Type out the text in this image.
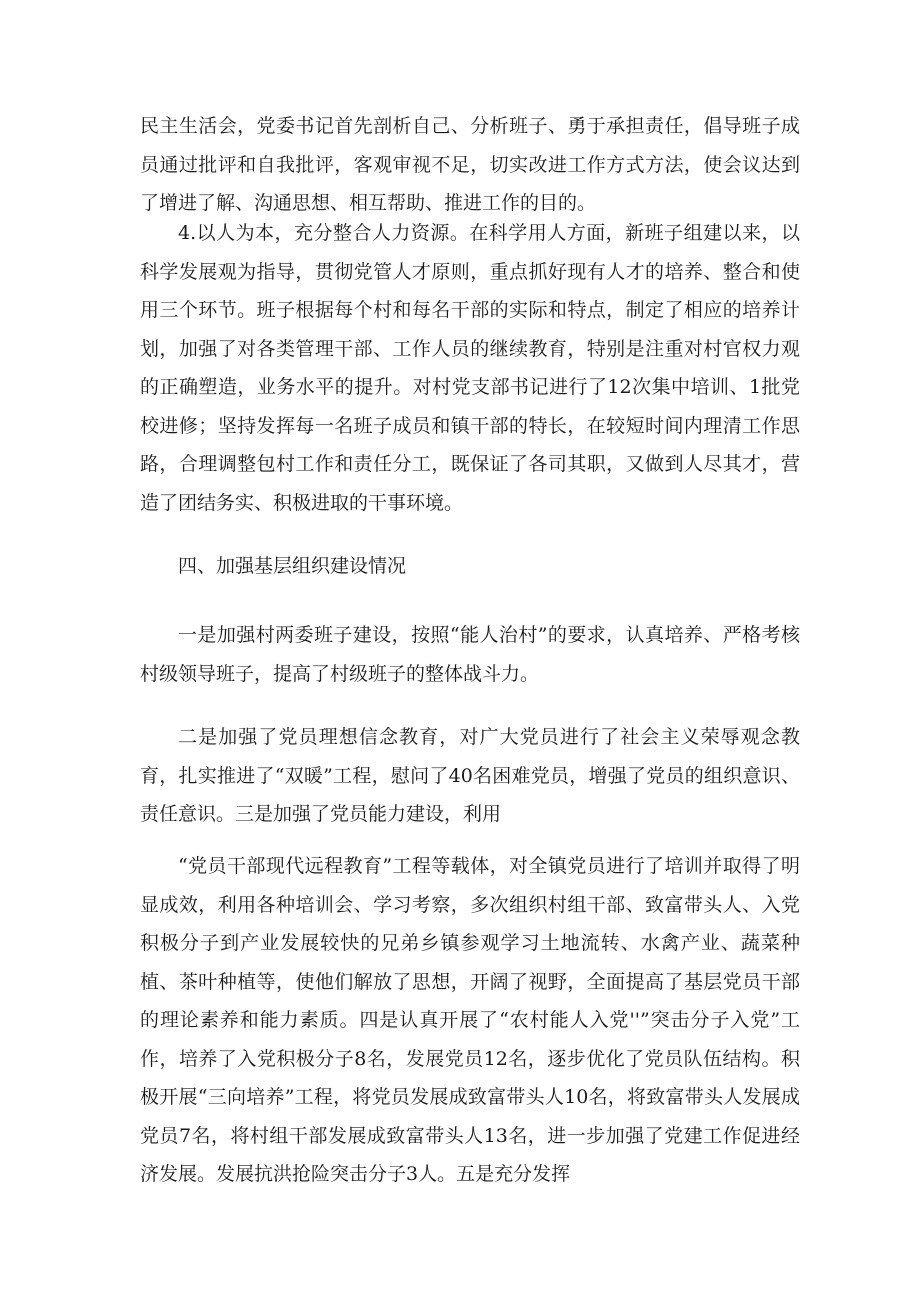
民主生活会，党委书记首先剖析自己、分析班子、勇于承担责任，倡导班子成员通过批评和自我批评，客观审视不足，切实改进工作方式方法，使会议达到了增进了解、沟通思想、相互帮助、推进工作的目的。

4.以人为本，充分整合人力资源。在科学用人方面，新班子组建以来，以科学发展观为指导，贯彻党管人才原则，重点抓好现有人才的培养、整合和使用三个环节。班子根据每个村和每名干部的实际和特点，制定了相应的培养计划，加强了对各类管理干部、工作人员的继续教育，特别是注重对村官权力观的正确塑造，业务水平的提升。对村党支部书记进行了12次集中培训、1批党校进修；坚持发挥每一名班子成员和镇干部的特长，在较短时间内理清工作思路，合理调整包村工作和责任分工，既保证了各司其职，又做到人尽其才，营造了团结务实、积极进取的干事环境。

四、加强基层组织建设情况

一是加强村两委班子建设，按照“能人治村”的要求，认真培养、严格考核村级领导班子，提高了村级班子的整体战斗力。

二是加强了党员理想信念教育，对广大党员进行了社会主义荣辱观念教育，扎实推进了“双暖”工程，慰问了40名困难党员，增强了党员的组织意识、责任意识。三是加强了党员能力建设，利用

“党员干部现代远程教育”工程等载体，对全镇党员进行了培训并取得了明显成效，利用各种培训会、学习考察，多次组织村组干部、致富带头人、入党积极分子到产业发展较快的兄弟乡镇参观学习土地流转、水禽产业、蔬菜种植、茶叶种植等，使他们解放了思想，开阔了视野，全面提高了基层党员干部的理论素养和能力素质。四是认真开展了“农村能人入党''”突击分子入党”工作，培养了入党积极分子8名，发展党员12名，逐步优化了党员队伍结构。积极开展“三向培养”工程，将党员发展成致富带头人10名，将致富带头人发展成党员7名，将村组干部发展成致富带头人13名，进一步加强了党建工作促进经济发展。发展抗洪抢险突击分子3人。五是充分发挥
